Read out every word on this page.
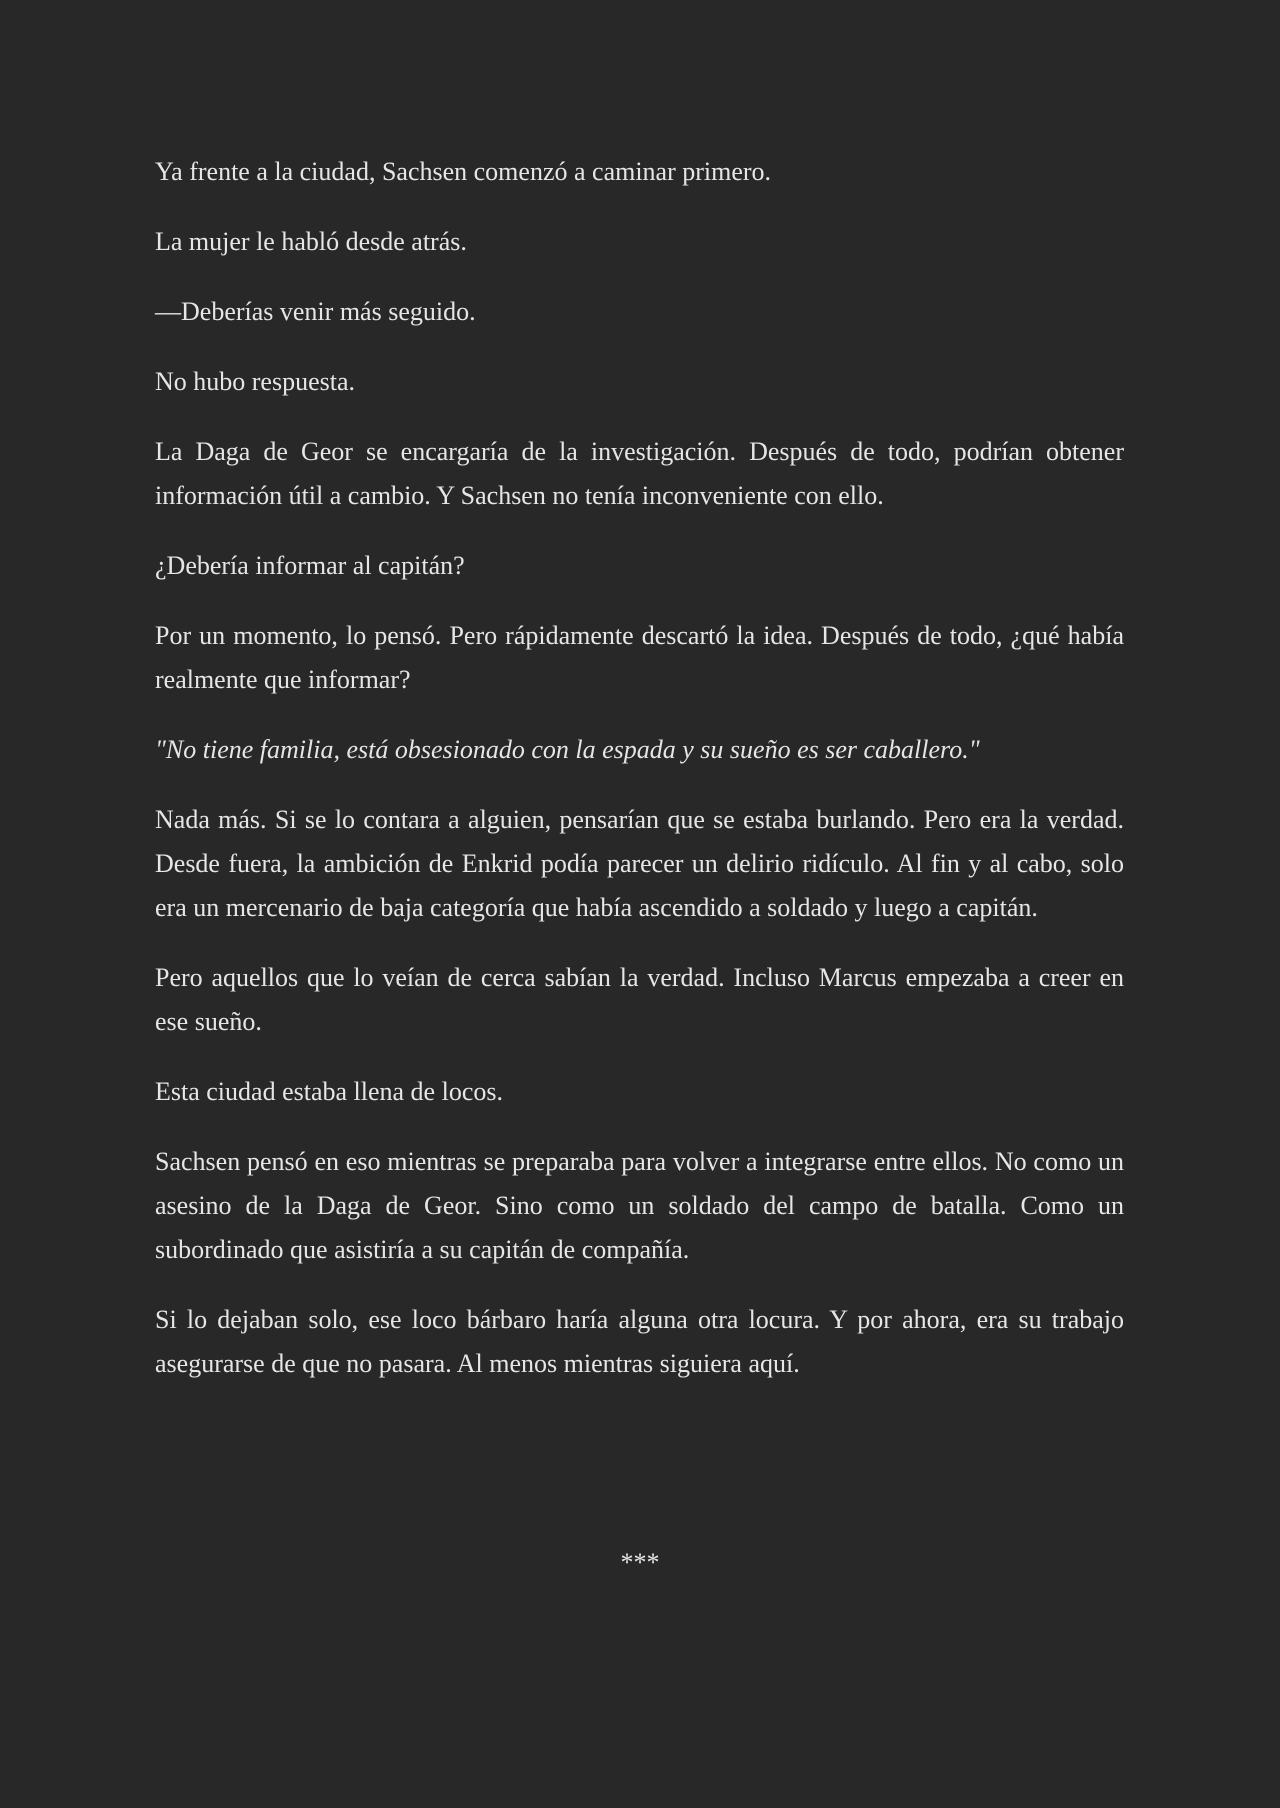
Ya frente a la ciudad, Sachsen comenzó a caminar primero.

La mujer le habló desde atrás.

—Deberías venir más seguido.

No hubo respuesta.

La Daga de Geor se encargaría de la investigación. Después de todo, podrían obtener información útil a cambio. Y Sachsen no tenía inconveniente con ello.

¿Debería informar al capitán?

Por un momento, lo pensó. Pero rápidamente descartó la idea. Después de todo, ¿qué había realmente que informar?

"No tiene familia, está obsesionado con la espada y su sueño es ser caballero."

Nada más. Si se lo contara a alguien, pensarían que se estaba burlando. Pero era la verdad. Desde fuera, la ambición de Enkrid podía parecer un delirio ridículo. Al fin y al cabo, solo era un mercenario de baja categoría que había ascendido a soldado y luego a capitán.

Pero aquellos que lo veían de cerca sabían la verdad. Incluso Marcus empezaba a creer en ese sueño.

Esta ciudad estaba llena de locos.

Sachsen pensó en eso mientras se preparaba para volver a integrarse entre ellos. No como un asesino de la Daga de Geor. Sino como un soldado del campo de batalla. Como un subordinado que asistiría a su capitán de compañía.

Si lo dejaban solo, ese loco bárbaro haría alguna otra locura. Y por ahora, era su trabajo asegurarse de que no pasara. Al menos mientras siguiera aquí.

***
